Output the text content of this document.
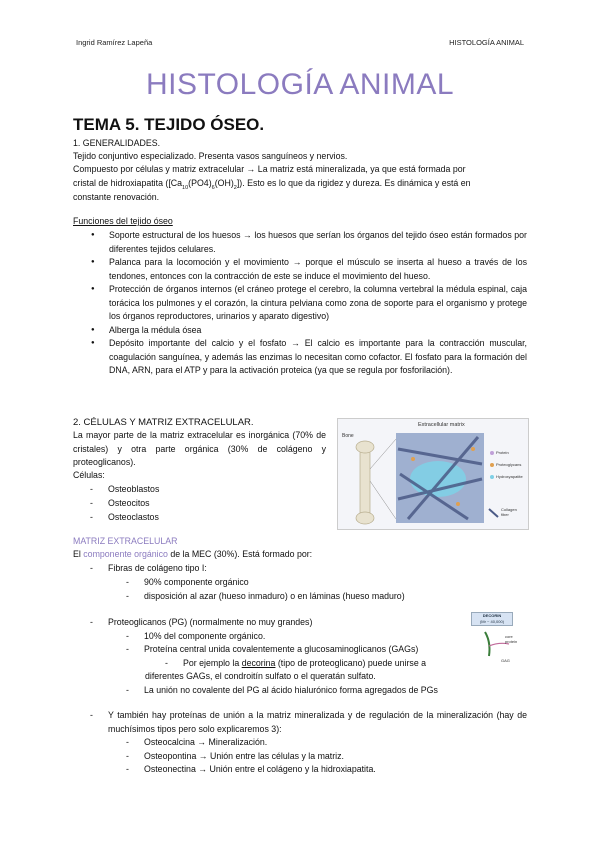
Ingrid Ramírez Lapeña	HISTOLOGÍA ANIMAL
HISTOLOGÍA ANIMAL
TEMA 5. TEJIDO ÓSEO.
1. GENERALIDADES.
Tejido conjuntivo especializado. Presenta vasos sanguíneos y nervios.
Compuesto por células y matriz extracelular → La matriz está mineralizada, ya que está formada por
cristal de hidroxiapatita $([Ca_{10}(PO4)_6(OH)_2])$. Esto es lo que da rigidez y dureza. Es dinámica y está en
constante renovación.
Funciones del tejido óseo
● Soporte estructural de los huesos → los huesos que serían los órganos del tejido óseo están formados por diferentes tejidos celulares.
● Palanca para la locomoción y el movimiento → porque el músculo se inserta al hueso a través de los tendones, entonces con la contracción de este se induce el movimiento del hueso.
● Protección de órganos internos (el cráneo protege el cerebro, la columna vertebral la médula espinal, caja torácica los pulmones y el corazón, la cintura pelviana como zona de soporte para el organismo y protege los órganos reproductores, urinarios y aparato digestivo)
● Alberga la médula ósea
● Depósito importante del calcio y el fosfato → El calcio es importante para la contracción muscular, coagulación sanguínea, y además las enzimas lo necesitan como cofactor. El fosfato para la formación del DNA, ARN, para el ATP y para la activación proteica (ya que se regula por fosforilación).
2. CÉLULAS Y MATRIZ EXTRACELULAR.
La mayor parte de la matriz extracelular es inorgánica (70% de cristales) y otra parte orgánica (30% de colágeno y proteoglicanos).
Células:
- Osteoblastos
- Osteocitos
- Osteoclastos
Extracellular matrix
Bone
Protein
Proteoglycans
Hydroxyapatite
Collagen fiber
MATRIZ EXTRACELULAR
El componente orgánico de la MEC (30%). Está formado por:
- Fibras de colágeno tipo I:
- 90% componente orgánico
- disposición al azar (hueso inmaduro) o en láminas (hueso maduro)
- Proteoglicanos (PG) (normalmente no muy grandes)
- 10% del componente orgánico.
- Proteína central unida covalentemente a glucosaminoglicanos (GAGs)
- Por ejemplo la decorina (tipo de proteoglicano) puede unirse a
diferentes GAGs, el condroitín sulfato o el queratán sulfato.
- La unión no covalente del PG al ácido hialurónico forma agregados de PGs
DECORIN
(Mr ~ 40,000)
core protein
GAG
- Y también hay proteínas de unión a la matriz mineralizada y de regulación de la mineralización (hay de muchísimos tipos pero solo explicaremos 3):
- Osteocalcina → Mineralización.
- Osteopontina → Unión entre las células y la matriz.
- Osteonectina → Unión entre el colágeno y la hidroxiapatita.
